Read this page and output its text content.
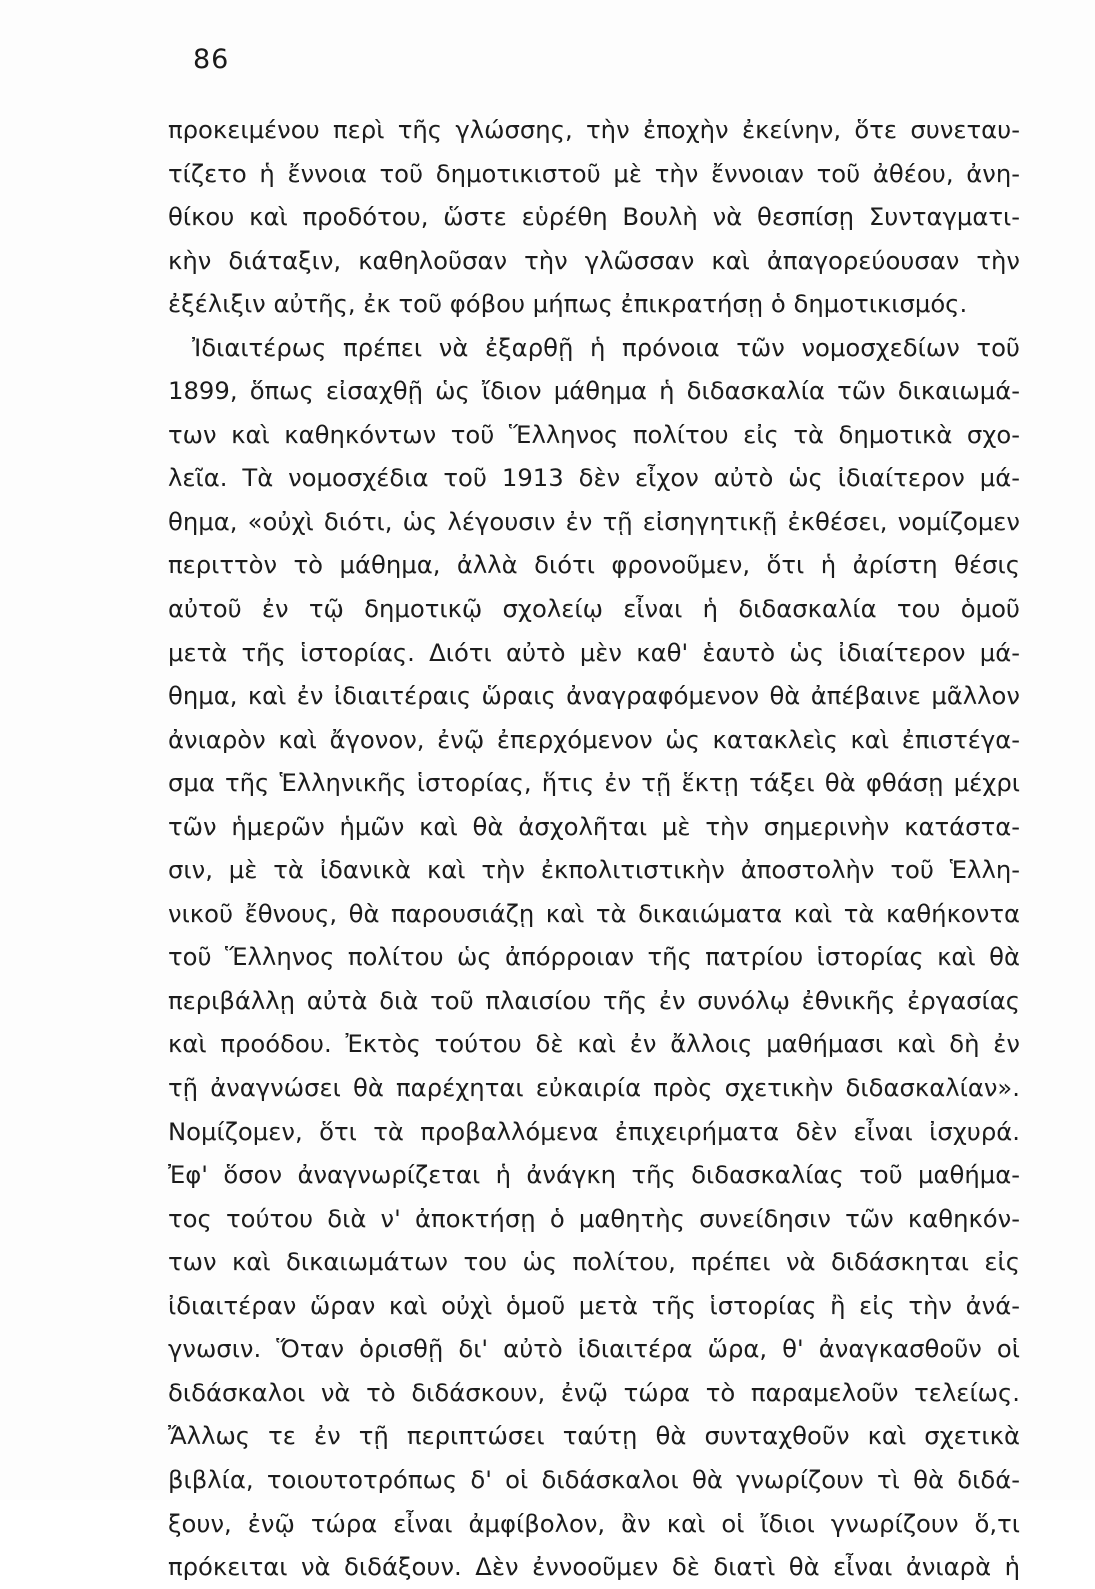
86
προκειμένου περὶ τῆς γλώσσης, τὴν ἐποχὴν ἐκείνην, ὅτε συνεταυ-
τίζετο ἡ ἔννοια τοῦ δημοτικιστοῦ μὲ τὴν ἔννοιαν τοῦ ἀθέου, ἀνη-
θίκου καὶ προδότου, ὥστε εὑρέθη Βουλὴ νὰ θεσπίσῃ Συνταγματι-
κὴν διάταξιν, καθηλοῦσαν τὴν γλῶσσαν καὶ ἀπαγορεύουσαν τὴν
ἐξέλιξιν αὐτῆς, ἐκ τοῦ φόβου μήπως ἐπικρατήσῃ ὁ δημοτικισμός.
Ἰδιαιτέρως πρέπει νὰ ἐξαρθῇ ἡ πρόνοια τῶν νομοσχεδίων τοῦ
1899, ὅπως εἰσαχθῇ ὡς ἴδιον μάθημα ἡ διδασκαλία τῶν δικαιωμά-
των καὶ καθηκόντων τοῦ Ἕλληνος πολίτου εἰς τὰ δημοτικὰ σχο-
λεῖα. Τὰ νομοσχέδια τοῦ 1913 δὲν εἶχον αὐτὸ ὡς ἰδιαίτερον μά-
θημα, «οὐχὶ διότι, ὡς λέγουσιν ἐν τῇ εἰσηγητικῇ ἐκθέσει, νομίζομεν
περιττὸν τὸ μάθημα, ἀλλὰ διότι φρονοῦμεν, ὅτι ἡ ἀρίστη θέσις
αὐτοῦ ἐν τῷ δημοτικῷ σχολείῳ εἶναι ἡ διδασκαλία του ὁμοῦ
μετὰ τῆς ἱστορίας. Διότι αὐτὸ μὲν καθ' ἑαυτὸ ὡς ἰδιαίτερον μά-
θημα, καὶ ἐν ἰδιαιτέραις ὥραις ἀναγραφόμενον θὰ ἀπέβαινε μᾶλλον
ἀνιαρὸν καὶ ἄγονον, ἐνῷ ἐπερχόμενον ὡς κατακλεὶς καὶ ἐπιστέγα-
σμα τῆς Ἑλληνικῆς ἱστορίας, ἥτις ἐν τῇ ἕκτῃ τάξει θὰ φθάσῃ μέχρι
τῶν ἡμερῶν ἡμῶν καὶ θὰ ἀσχολῆται μὲ τὴν σημερινὴν κατάστα-
σιν, μὲ τὰ ἰδανικὰ καὶ τὴν ἐκπολιτιστικὴν ἀποστολὴν τοῦ Ἑλλη-
νικοῦ ἔθνους, θὰ παρουσιάζῃ καὶ τὰ δικαιώματα καὶ τὰ καθήκοντα
τοῦ Ἕλληνος πολίτου ὡς ἀπόρροιαν τῆς πατρίου ἱστορίας καὶ θὰ
περιβάλλῃ αὐτὰ διὰ τοῦ πλαισίου τῆς ἐν συνόλῳ ἐθνικῆς ἐργασίας
καὶ προόδου. Ἐκτὸς τούτου δὲ καὶ ἐν ἄλλοις μαθήμασι καὶ δὴ ἐν
τῇ ἀναγνώσει θὰ παρέχηται εὐκαιρία πρὸς σχετικὴν διδασκαλίαν».
Νομίζομεν, ὅτι τὰ προβαλλόμενα ἐπιχειρήματα δὲν εἶναι ἰσχυρά.
Ἐφ' ὅσον ἀναγνωρίζεται ἡ ἀνάγκη τῆς διδασκαλίας τοῦ μαθήμα-
τος τούτου διὰ ν' ἀποκτήσῃ ὁ μαθητὴς συνείδησιν τῶν καθηκόν-
των καὶ δικαιωμάτων του ὡς πολίτου, πρέπει νὰ διδάσκηται εἰς
ἰδιαιτέραν ὥραν καὶ οὐχὶ ὁμοῦ μετὰ τῆς ἱστορίας ἢ εἰς τὴν ἀνά-
γνωσιν. Ὅταν ὁρισθῇ δι' αὐτὸ ἰδιαιτέρα ὥρα, θ' ἀναγκασθοῦν οἱ
διδάσκαλοι νὰ τὸ διδάσκουν, ἐνῷ τώρα τὸ παραμελοῦν τελείως.
Ἄλλως τε ἐν τῇ περιπτώσει ταύτῃ θὰ συνταχθοῦν καὶ σχετικὰ
βιβλία, τοιουτοτρόπως δ' οἱ διδάσκαλοι θὰ γνωρίζουν τὶ θὰ διδά-
ξουν, ἐνῷ τώρα εἶναι ἀμφίβολον, ἂν καὶ οἱ ἴδιοι γνωρίζουν ὅ,τι
πρόκειται νὰ διδάξουν. Δὲν ἐννοοῦμεν δὲ διατὶ θὰ εἶναι ἀνιαρὰ ἡ
